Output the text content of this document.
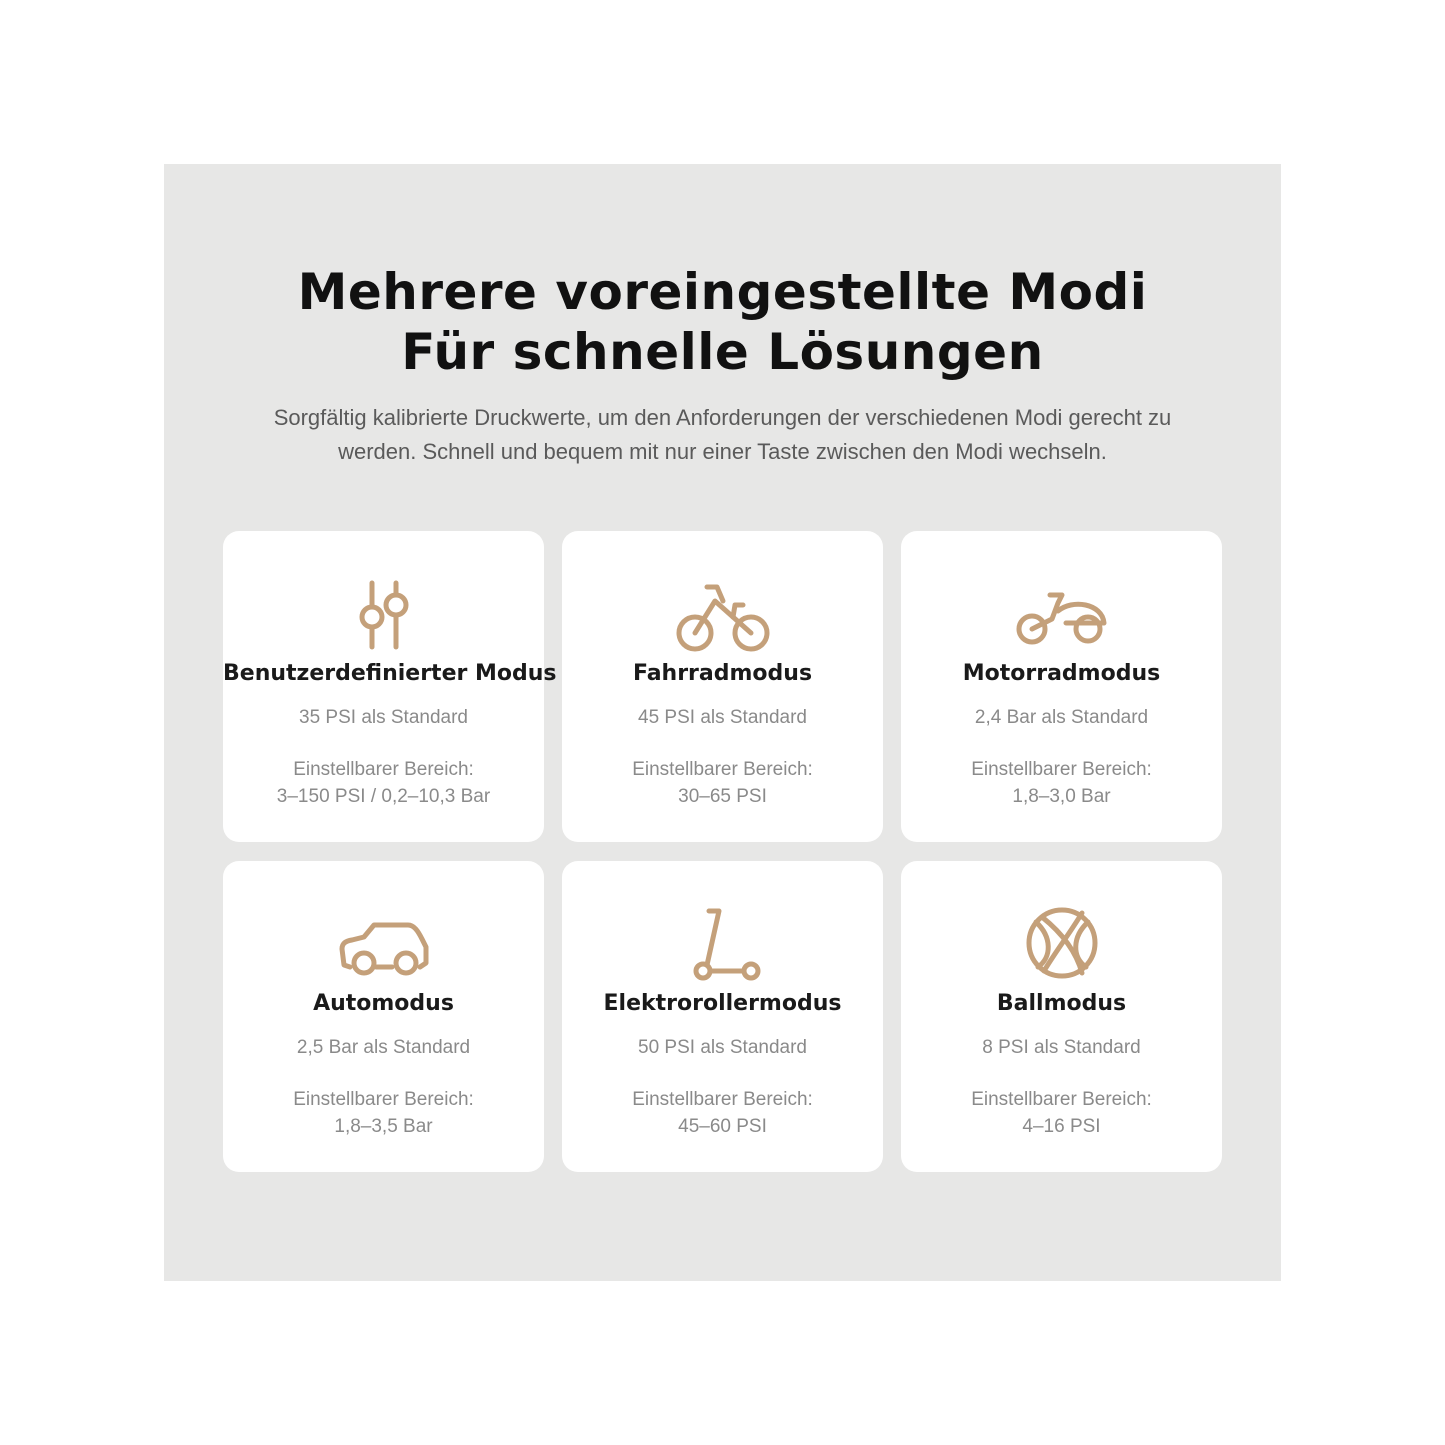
Mehrere voreingestellte Modi
Für schnelle Lösungen

Sorgfältig kalibrierte Druckwerte, um den Anforderungen der verschiedenen Modi gerecht zu
werden. Schnell und bequem mit nur einer Taste zwischen den Modi wechseln.

Benutzerdefinierter Modus
35 PSI als Standard
Einstellbarer Bereich:
3–150 PSI / 0,2–10,3 Bar
Fahrradmodus
45 PSI als Standard
Einstellbarer Bereich:
30–65 PSI
Motorradmodus
2,4 Bar als Standard
Einstellbarer Bereich:
1,8–3,0 Bar
Automodus
2,5 Bar als Standard
Einstellbarer Bereich:
1,8–3,5 Bar
Elektrorollermodus
50 PSI als Standard
Einstellbarer Bereich:
45–60 PSI
Ballmodus
8 PSI als Standard
Einstellbarer Bereich:
4–16 PSI
